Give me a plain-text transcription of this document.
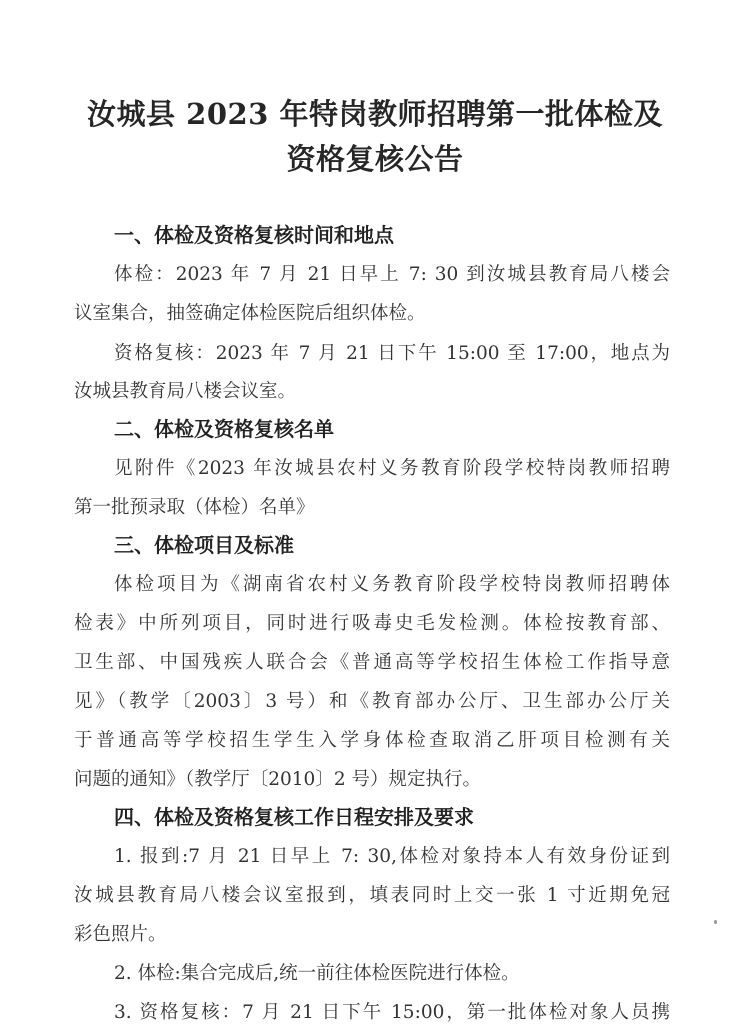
汝城县 2023 年特岗教师招聘第一批体检及
资格复核公告
一、体检及资格复核时间和地点
体检：2023 年 7 月 21 日早上 7: 30 到汝城县教育局八楼会
议室集合，抽签确定体检医院后组织体检。
资格复核：2023 年 7 月 21 日下午 15:00 至 17:00，地点为
汝城县教育局八楼会议室。
二、体检及资格复核名单
见附件《2023 年汝城县农村义务教育阶段学校特岗教师招聘
第一批预录取（体检）名单》
三、体检项目及标准
体检项目为《湖南省农村义务教育阶段学校特岗教师招聘体
检表》中所列项目，同时进行吸毒史毛发检测。体检按教育部、
卫生部、中国残疾人联合会《普通高等学校招生体检工作指导意
见》（教学〔2003〕3 号）和《教育部办公厅、卫生部办公厅关
于普通高等学校招生学生入学身体检查取消乙肝项目检测有关
问题的通知》（教学厅〔2010〕2 号）规定执行。
四、体检及资格复核工作日程安排及要求
1. 报到:7 月 21 日早上 7: 30,体检对象持本人有效身份证到
汝城县教育局八楼会议室报到，填表同时上交一张 1 寸近期免冠
彩色照片。
2. 体检:集合完成后,统一前往体检医院进行体检。
3. 资格复核：7 月 21 日下午 15:00，第一批体检对象人员携
